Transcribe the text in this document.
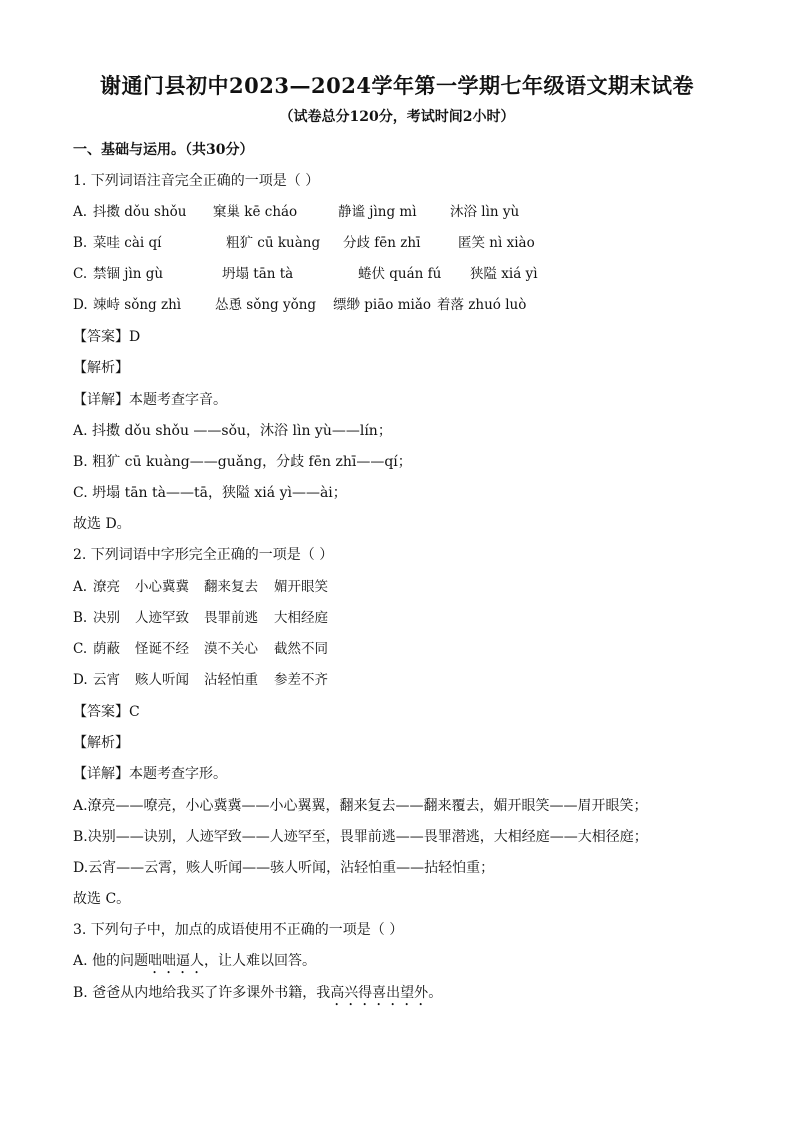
谢通门县初中2023—2024学年第一学期七年级语文期末试卷
（试卷总分120分，考试时间2小时）
一、基础与运用。（共30分）
1. 下列词语注音完全正确的一项是（ ）
A. 抖擞 dǒu shǒu 窠巢 kē cháo	静谧 jìng mì 沐浴 lìn yù
B. 菜哇 cài qí	粗犷 cū kuàng 分歧 fēn zhī	匿笑 nì xiào
C. 禁锢 jìn gù	坍塌 tān tà	蜷伏 quán fú 狭隘 xiá yì
D. 竦峙 sǒng zhì	怂恿 sǒng yǒng 缥缈 piāo miǎo 着落 zhuó luò
【答案】D
【解析】
【详解】本题考查字音。
A. 抖擞 dǒu shǒu ——sǒu，沐浴 lìn yù——lín；
B. 粗犷 cū kuàng——guǎng，分歧 fēn zhī——qí；
C. 坍塌 tān tà——tā，狭隘 xiá yì——ài；
故选 D。
2. 下列词语中字形完全正确的一项是（ ）
A. 潦亮 小心冀冀 翻来复去 媚开眼笑
B. 决别 人迹罕致 畏罪前逃 大相经庭
C. 荫蔽 怪诞不经 漠不关心 截然不同
D. 云宵 赅人听闻 沾轻怕重 参差不齐
【答案】C
【解析】
【详解】本题考查字形。
A.潦亮——嘹亮，小心冀冀——小心翼翼，翻来复去——翻来覆去，媚开眼笑——眉开眼笑；
B.决别——诀别，人迹罕致——人迹罕至，畏罪前逃——畏罪潜逃，大相经庭——大相径庭；
D.云宵——云霄，赅人听闻——骇人听闻，沾轻怕重——拈轻怕重；
故选 C。
3. 下列句子中，加点的成语使用不正确的一项是（ ）
A. 他的问题咄咄逼人，让人难以回答。
B. 爸爸从内地给我买了许多课外书籍，我高兴得喜出望外。
